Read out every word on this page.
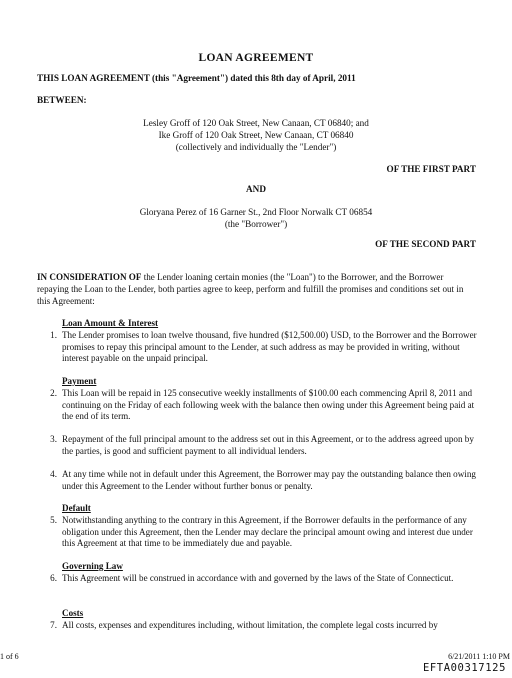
LOAN AGREEMENT
THIS LOAN AGREEMENT (this "Agreement") dated this 8th day of April, 2011
BETWEEN:
Lesley Groff of 120 Oak Street, New Canaan, CT 06840; and
Ike Groff of 120 Oak Street, New Canaan, CT 06840
(collectively and individually the "Lender")
OF THE FIRST PART
AND
Gloryana Perez of 16 Garner St., 2nd Floor Norwalk CT 06854
(the "Borrower")
OF THE SECOND PART
IN CONSIDERATION OF the Lender loaning certain monies (the "Loan") to the Borrower, and the Borrower repaying the Loan to the Lender, both parties agree to keep, perform and fulfill the promises and conditions set out in this Agreement:
Loan Amount & Interest
1. The Lender promises to loan twelve thousand, five hundred ($12,500.00) USD, to the Borrower and the Borrower promises to repay this principal amount to the Lender, at such address as may be provided in writing, without interest payable on the unpaid principal.
Payment
2. This Loan will be repaid in 125 consecutive weekly installments of $100.00 each commencing April 8, 2011 and continuing on the Friday of each following week with the balance then owing under this Agreement being paid at the end of its term.
3. Repayment of the full principal amount to the address set out in this Agreement, or to the address agreed upon by the parties, is good and sufficient payment to all individual lenders.
4. At any time while not in default under this Agreement, the Borrower may pay the outstanding balance then owing under this Agreement to the Lender without further bonus or penalty.
Default
5. Notwithstanding anything to the contrary in this Agreement, if the Borrower defaults in the performance of any obligation under this Agreement, then the Lender may declare the principal amount owing and interest due under this Agreement at that time to be immediately due and payable.
Governing Law
6. This Agreement will be construed in accordance with and governed by the laws of the State of Connecticut.
Costs
7. All costs, expenses and expenditures including, without limitation, the complete legal costs incurred by
1 of 6	6/21/2011 1:10 PM
EFTA00317125
